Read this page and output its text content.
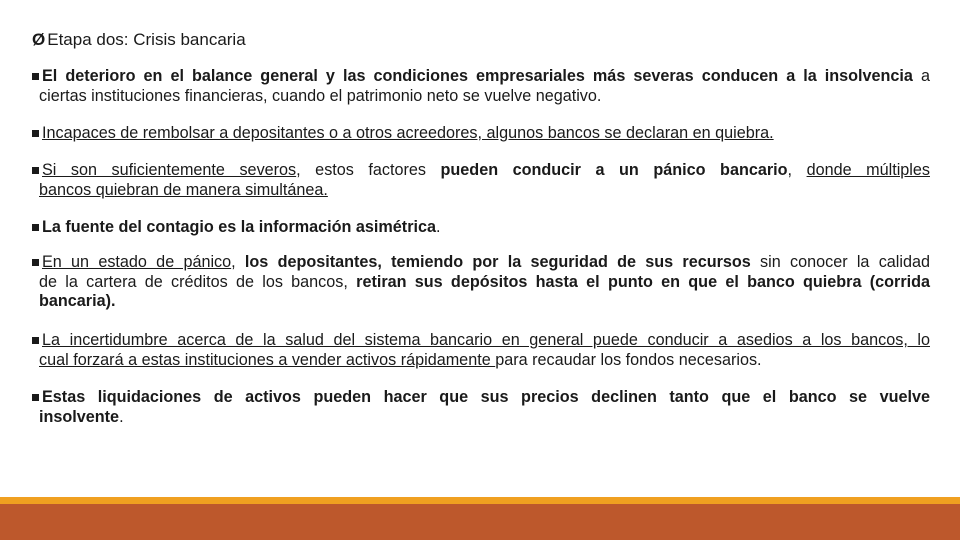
Ø Etapa dos: Crisis bancaria
El deterioro en el balance general y las condiciones empresariales más severas conducen a la insolvencia a
ciertas instituciones financieras, cuando el patrimonio neto se vuelve negativo.
Incapaces de rembolsar a depositantes o a otros acreedores, algunos bancos se declaran en quiebra.
Si son suficientemente severos, estos factores pueden conducir a un pánico bancario, donde múltiples
bancos quiebran de manera simultánea.
La fuente del contagio es la información asimétrica.
En un estado de pánico, los depositantes, temiendo por la seguridad de sus recursos sin conocer la calidad
de la cartera de créditos de los bancos, retiran sus depósitos hasta el punto en que el banco quiebra (corrida
bancaria).
La incertidumbre acerca de la salud del sistema bancario en general puede conducir a asedios a los bancos, lo
cual forzará a estas instituciones a vender activos rápidamente para recaudar los fondos necesarios.
Estas liquidaciones de activos pueden hacer que sus precios declinen tanto que el banco se vuelve
insolvente.
